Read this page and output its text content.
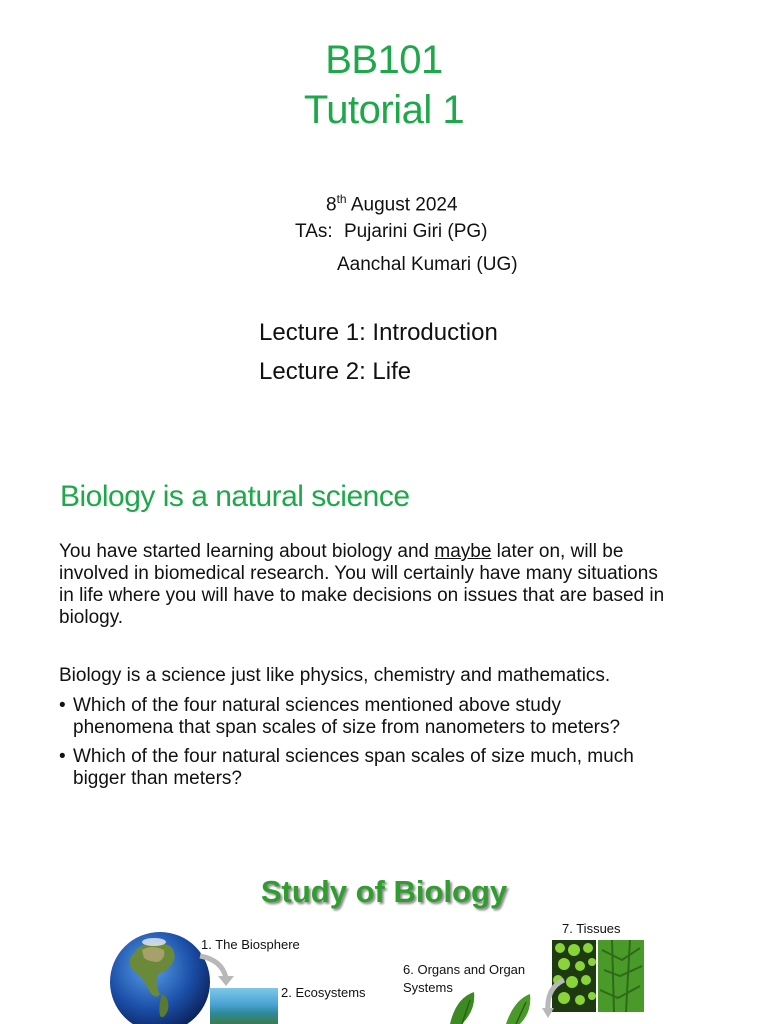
BB101
Tutorial 1
8th August 2024
TAs: Pujarini Giri (PG)
Aanchal Kumari (UG)
Lecture 1: Introduction
Lecture 2: Life
Biology is a natural science
You have started learning about biology and maybe later on, will be
involved in biomedical research. You will certainly have many situations
in life where you will have to make decisions on issues that are based in
biology.
Biology is a science just like physics, chemistry and mathematics.
• Which of the four natural sciences mentioned above study
phenomena that span scales of size from nanometers to meters?
• Which of the four natural sciences span scales of size much, much
bigger than meters?
Study of Biology
1. The Biosphere
2. Ecosystems
6. Organs and Organ
Systems
7. Tissues
